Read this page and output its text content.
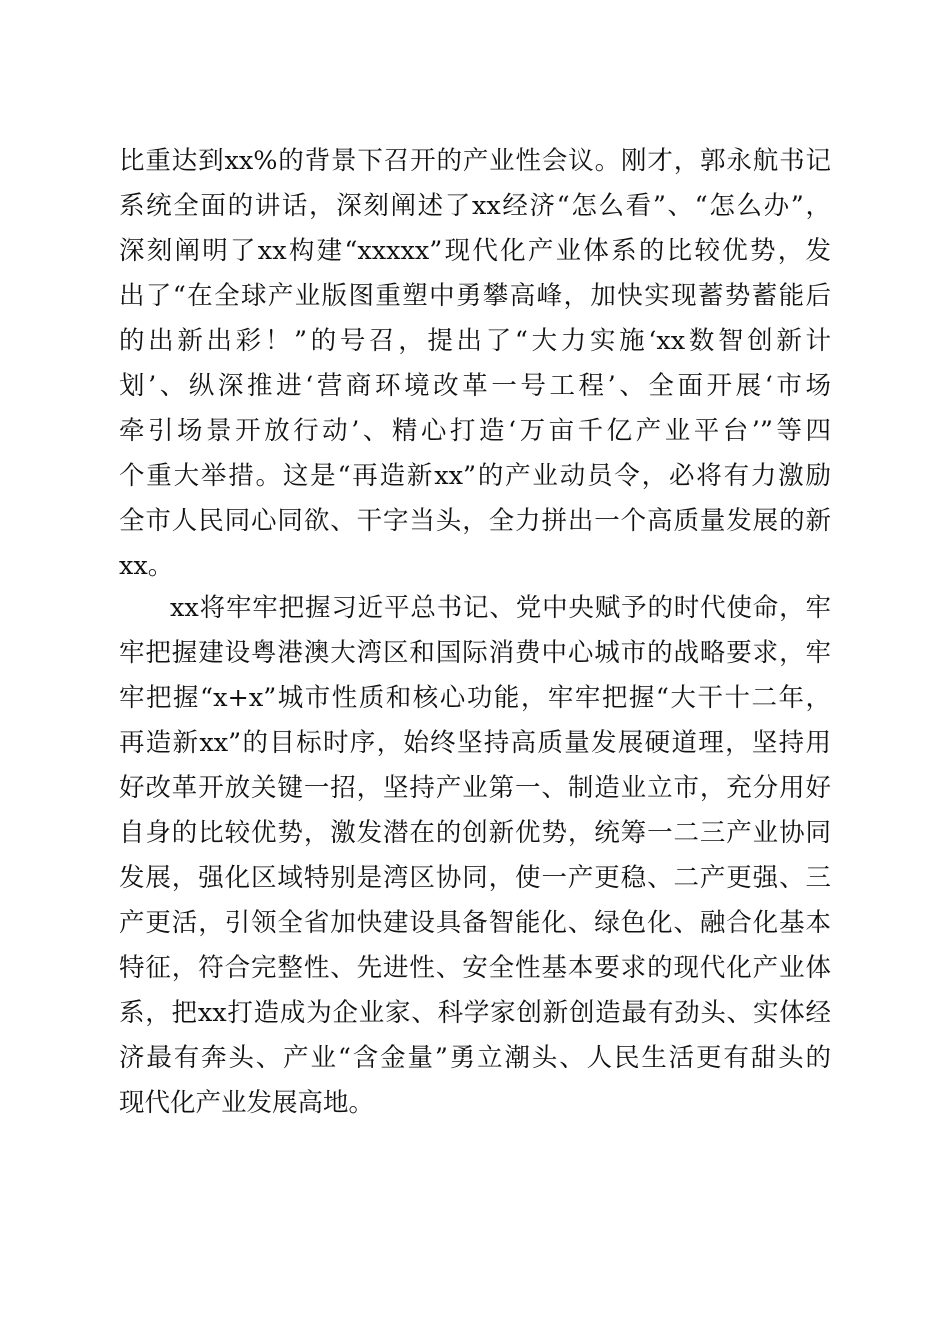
比重达到xx%的背景下召开的产业性会议。刚才，郭永航书记
系统全面的讲话，深刻阐述了xx经济“怎么看”、“怎么办”，
深刻阐明了xx构建“xxxxx”现代化产业体系的比较优势，发
出了“在全球产业版图重塑中勇攀高峰，加快实现蓄势蓄能后
的出新出彩！”的号召，提出了“大力实施‘xx数智创新计
划’、纵深推进‘营商环境改革一号工程’、全面开展‘市场
牵引场景开放行动’、精心打造‘万亩千亿产业平台’”等四
个重大举措。这是“再造新xx”的产业动员令，必将有力激励
全市人民同心同欲、干字当头，全力拼出一个高质量发展的新
xx。
xx将牢牢把握习近平总书记、党中央赋予的时代使命，牢
牢把握建设粤港澳大湾区和国际消费中心城市的战略要求，牢
牢把握“x+x”城市性质和核心功能，牢牢把握“大干十二年，
再造新xx”的目标时序，始终坚持高质量发展硬道理，坚持用
好改革开放关键一招，坚持产业第一、制造业立市，充分用好
自身的比较优势，激发潜在的创新优势，统筹一二三产业协同
发展，强化区域特别是湾区协同，使一产更稳、二产更强、三
产更活，引领全省加快建设具备智能化、绿色化、融合化基本
特征，符合完整性、先进性、安全性基本要求的现代化产业体
系，把xx打造成为企业家、科学家创新创造最有劲头、实体经
济最有奔头、产业“含金量”勇立潮头、人民生活更有甜头的
现代化产业发展高地。
